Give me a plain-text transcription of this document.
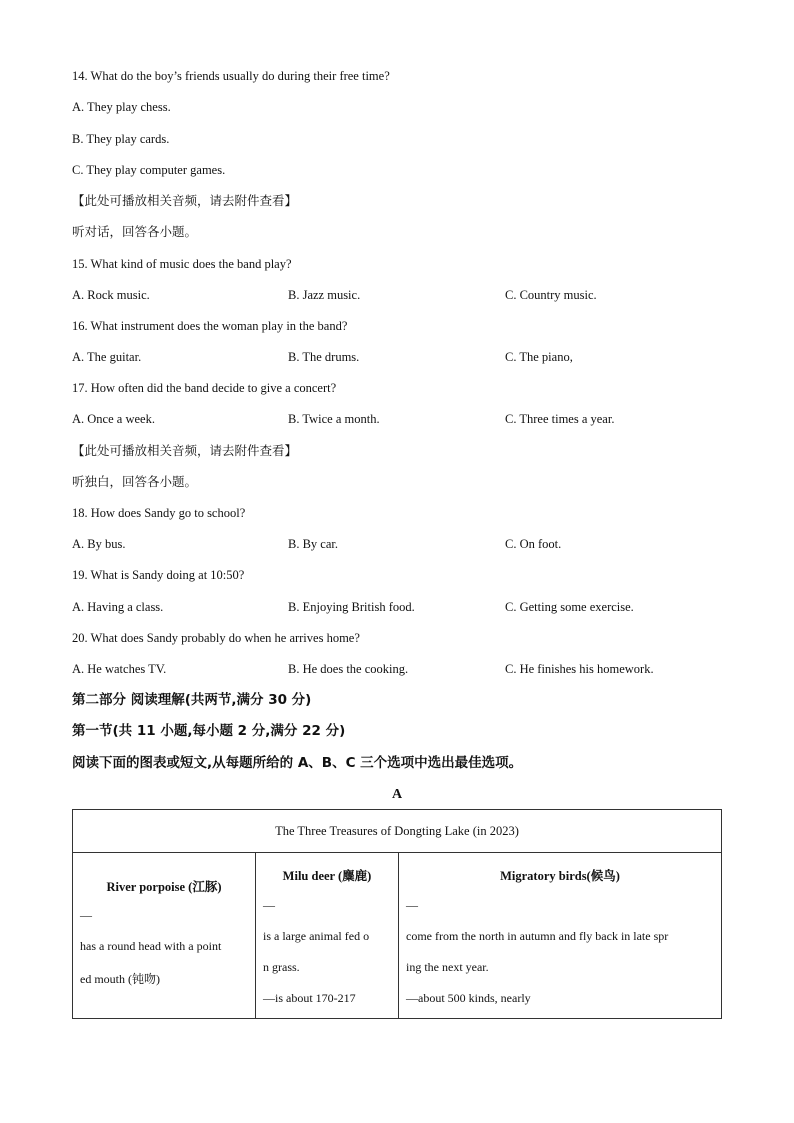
14. What do the boy’s friends usually do during their free time?
A. They play chess.
B. They play cards.
C. They play computer games.
【此处可播放相关音频，请去附件查看】
听对话，回答各小题。
15. What kind of music does the band play?
A. Rock music.	B. Jazz music.	C. Country music.
16. What instrument does the woman play in the band?
A. The guitar.	B. The drums.	C. The piano,
17. How often did the band decide to give a concert?
A. Once a week.	B. Twice a month.	C. Three times a year.
【此处可播放相关音频，请去附件查看】
听独白，回答各小题。
18. How does Sandy go to school?
A. By bus.	B. By car.	C. On foot.
19. What is Sandy doing at 10:50?
A. Having a class.	B. Enjoying British food.	C. Getting some exercise.
20. What does Sandy probably do when he arrives home?
A. He watches TV.	B. He does the cooking.	C. He finishes his homework.
第二部分 阅读理解(共两节,满分 30 分)
第一节(共 11 小题,每小题 2 分,满分 22 分)
阅读下面的图表或短文,从每题所给的 A、B、C 三个选项中选出最佳选项。
A
The Three Treasures of Dongting Lake (in 2023)

River porpoise (江豚)
—
has a round head with a point
ed mouth (钝吻)

Milu deer (麋鹿)
—
is a large animal fed o
n grass.
—is about 170-217

Migratory birds(候鸟)
—
come from the north in autumn and fly back in late spr
ing the next year.
—about 500 kinds, nearly
